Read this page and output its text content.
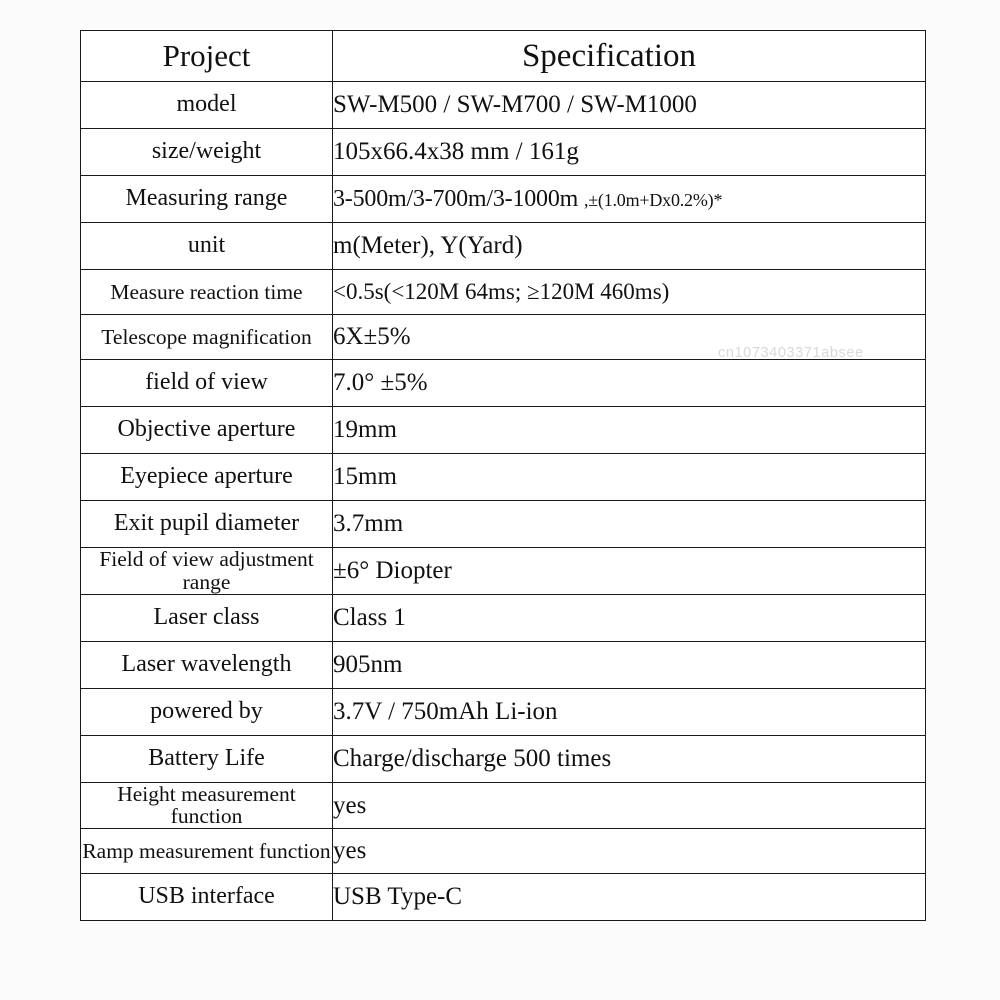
Project	Specification

model	SW-M500 / SW-M700 / SW-M1000
size/weight	105x66.4x38 mm / 161g
Measuring range	3-500m/3-700m/3-1000m ,±(1.0m+Dx0.2%)*
unit	m(Meter), Y(Yard)
Measure reaction time	<0.5s(<120M 64ms; ≥120M 460ms)
Telescope magnification	6X±5%
field of view	7.0° ±5%
Objective aperture	19mm
Eyepiece aperture	15mm
Exit pupil diameter	3.7mm
Field of view adjustment range	±6° Diopter
Laser class	Class 1
Laser wavelength	905nm
powered by	3.7V / 750mAh Li-ion
Battery Life	Charge/discharge 500 times
Height measurement function	yes
Ramp measurement function	yes
USB interface	USB Type-C
cn1073403371absee
